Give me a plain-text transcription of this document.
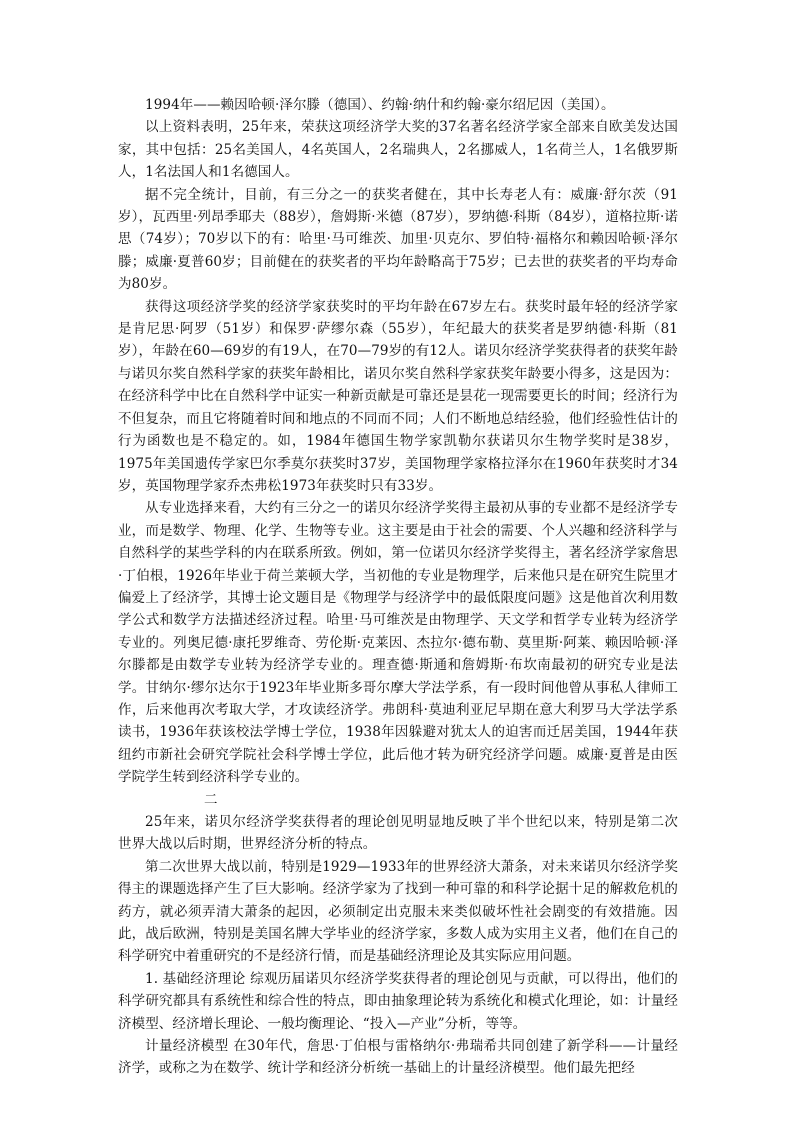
1994年——赖因哈顿·泽尔滕（德国）、约翰·纳什和约翰·豪尔绍尼因（美国）。

以上资料表明，25年来，荣获这项经济学大奖的37名著名经济学家全部来自欧美发达国家，其中包括：25名美国人，4名英国人，2名瑞典人，2名挪威人，1名荷兰人，1名俄罗斯人，1名法国人和1名德国人。

据不完全统计，目前，有三分之一的获奖者健在，其中长寿老人有：威廉·舒尔茨（91岁），瓦西里·列昂季耶夫（88岁），詹姆斯·米德（87岁），罗纳德·科斯（84岁），道格拉斯·诺思（74岁）；70岁以下的有：哈里·马可维茨、加里·贝克尔、罗伯特·福格尔和赖因哈顿·泽尔滕；威廉·夏普60岁；目前健在的获奖者的平均年龄略高于75岁；已去世的获奖者的平均寿命为80岁。

获得这项经济学奖的经济学家获奖时的平均年龄在67岁左右。获奖时最年轻的经济学家是肯尼思·阿罗（51岁）和保罗·萨缪尔森（55岁），年纪最大的获奖者是罗纳德·科斯（81岁），年龄在60—69岁的有19人，在70—79岁的有12人。诺贝尔经济学奖获得者的获奖年龄与诺贝尔奖自然科学家的获奖年龄相比，诺贝尔奖自然科学家获奖年龄要小得多，这是因为：在经济科学中比在自然科学中证实一种新贡献是可靠还是昙花一现需要更长的时间；经济行为不但复杂，而且它将随着时间和地点的不同而不同；人们不断地总结经验，他们经验性估计的行为函数也是不稳定的。如，1984年德国生物学家凯勒尔获诺贝尔生物学奖时是38岁，1975年美国遗传学家巴尔季莫尔获奖时37岁，美国物理学家格拉泽尔在1960年获奖时才34岁，英国物理学家乔杰弗松1973年获奖时只有33岁。

从专业选择来看，大约有三分之一的诺贝尔经济学奖得主最初从事的专业都不是经济学专业，而是数学、物理、化学、生物等专业。这主要是由于社会的需要、个人兴趣和经济科学与自然科学的某些学科的内在联系所致。例如，第一位诺贝尔经济学奖得主，著名经济学家詹思·丁伯根，1926年毕业于荷兰莱顿大学，当初他的专业是物理学，后来他只是在研究生院里才偏爱上了经济学，其博士论文题目是《物理学与经济学中的最低限度问题》这是他首次利用数学公式和数学方法描述经济过程。哈里·马可维茨是由物理学、天文学和哲学专业转为经济学专业的。列奥尼德·康托罗维奇、劳伦斯·克莱因、杰拉尔·德布勒、莫里斯·阿莱、赖因哈顿·泽尔滕都是由数学专业转为经济学专业的。理查德·斯通和詹姆斯·布坎南最初的研究专业是法学。甘纳尔·缪尔达尔于1923年毕业斯多哥尔摩大学法学系，有一段时间他曾从事私人律师工作，后来他再次考取大学，才攻读经济学。弗朗科·莫迪利亚尼早期在意大利罗马大学法学系读书，1936年获该校法学博士学位，1938年因躲避对犹太人的迫害而迁居美国，1944年获纽约市新社会研究学院社会科学博士学位，此后他才转为研究经济学问题。威廉·夏普是由医学院学生转到经济科学专业的。

二

25年来，诺贝尔经济学奖获得者的理论创见明显地反映了半个世纪以来，特别是第二次世界大战以后时期，世界经济分析的特点。

第二次世界大战以前，特别是1929—1933年的世界经济大萧条，对未来诺贝尔经济学奖得主的课题选择产生了巨大影响。经济学家为了找到一种可靠的和科学论据十足的解救危机的药方，就必须弄清大萧条的起因，必须制定出克服未来类似破坏性社会剧变的有效措施。因此，战后欧洲，特别是美国名牌大学毕业的经济学家，多数人成为实用主义者，他们在自己的科学研究中着重研究的不是经济行情，而是基础经济理论及其实际应用问题。

1. 基础经济理论 综观历届诺贝尔经济学奖获得者的理论创见与贡献，可以得出，他们的科学研究都具有系统性和综合性的特点，即由抽象理论转为系统化和模式化理论，如：计量经济模型、经济增长理论、一般均衡理论、“投入—产业”分析，等等。

计量经济模型 在30年代，詹思·丁伯根与雷格纳尔·弗瑞希共同创建了新学科——计量经济学，或称之为在数学、统计学和经济分析统一基础上的计量经济模型。他们最先把经
